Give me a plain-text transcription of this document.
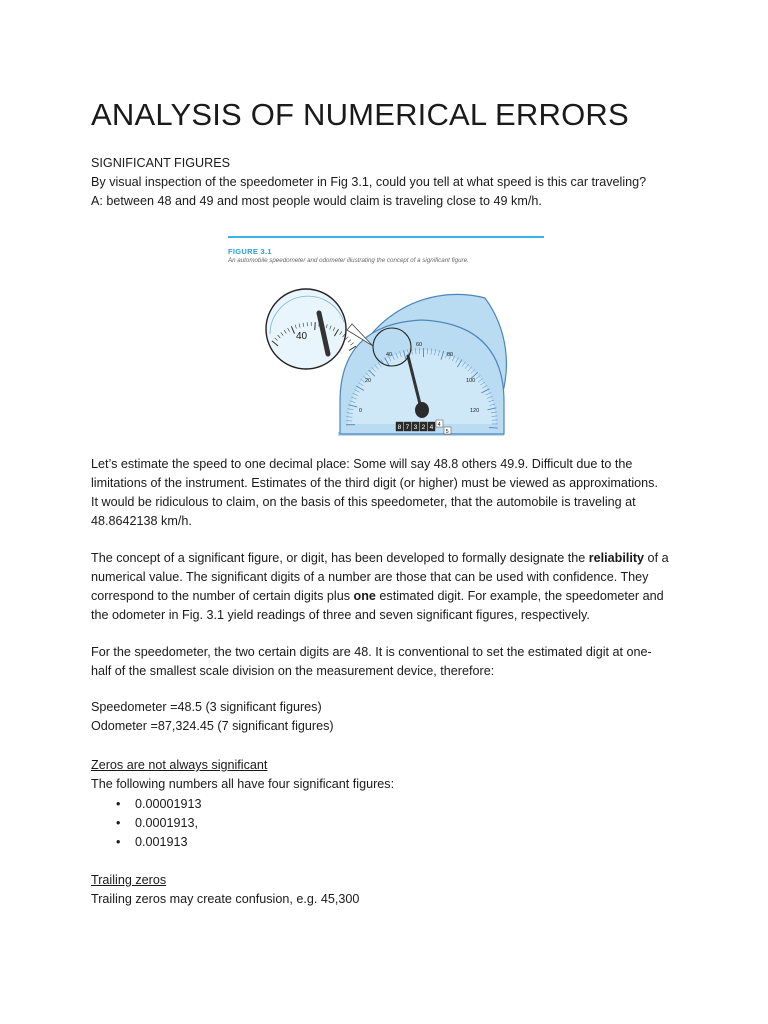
ANALYSIS OF NUMERICAL ERRORS
SIGNIFICANT FIGURES
By visual inspection of the speedometer in Fig 3.1, could you tell at what speed is this car traveling?
A: between 48 and 49 and most people would claim is traveling close to 49 km/h.
FIGURE 3.1
An automobile speedometer and odometer illustrating the concept of a significant figure.
0
20
40
60
80
100
120
8 7 3 2 4 4
5
40
Let’s estimate the speed to one decimal place: Some will say 48.8 others 49.9. Difficult due to the
limitations of the instrument. Estimates of the third digit (or higher) must be viewed as approximations.
It would be ridiculous to claim, on the basis of this speedometer, that the automobile is traveling at
48.8642138 km/h.
The concept of a significant figure, or digit, has been developed to formally designate the reliability of a
numerical value. The significant digits of a number are those that can be used with confidence. They
correspond to the number of certain digits plus one estimated digit. For example, the speedometer and
the odometer in Fig. 3.1 yield readings of three and seven significant figures, respectively.
For the speedometer, the two certain digits are 48. It is conventional to set the estimated digit at one-
half of the smallest scale division on the measurement device, therefore:
Speedometer =48.5 (3 significant figures)
Odometer =87,324.45 (7 significant figures)
Zeros are not always significant
The following numbers all have four significant figures:
• 0.00001913
• 0.0001913,
• 0.001913
Trailing zeros
Trailing zeros may create confusion, e.g. 45,300
